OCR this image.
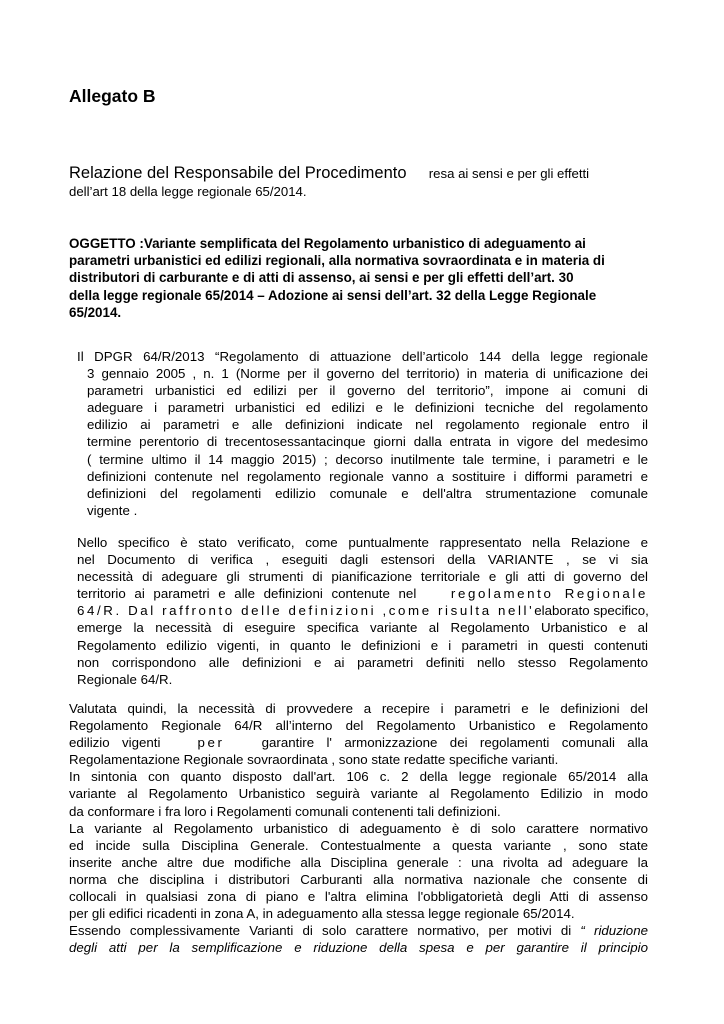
Allegato B
Relazione del Responsabile del Procedimento resa ai sensi e per gli effetti
dell’art 18 della legge regionale 65/2014.
OGGETTO :Variante semplificata del Regolamento urbanistico di adeguamento ai
parametri urbanistici ed edilizi regionali, alla normativa sovraordinata e in materia di
distributori di carburante e di atti di assenso, ai sensi e per gli effetti dell’art. 30
della legge regionale 65/2014 – Adozione ai sensi dell’art. 32 della Legge Regionale
65/2014.
Il DPGR 64/R/2013 “Regolamento di attuazione dell’articolo 144 della legge regionale
3 gennaio 2005 , n. 1 (Norme per il governo del territorio) in materia di unificazione dei
parametri urbanistici ed edilizi per il governo del territorio”, impone ai comuni di
adeguare i parametri urbanistici ed edilizi e le definizioni tecniche del regolamento
edilizio ai parametri e alle definizioni indicate nel regolamento regionale entro il
termine perentorio di trecentosessantacinque giorni dalla entrata in vigore del medesimo
( termine ultimo il 14 maggio 2015) ; decorso inutilmente tale termine, i parametri e le
definizioni contenute nel regolamento regionale vanno a sostituire i difformi parametri e
definizioni del regolamenti edilizio comunale e dell'altra strumentazione comunale
vigente .
Nello specifico è stato verificato, come puntualmente rappresentato nella Relazione e
nel Documento di verifica , eseguiti dagli estensori della VARIANTE , se vi sia
necessità di adeguare gli strumenti di pianificazione territoriale e gli atti di governo del
territorio ai parametri e alle definizioni contenute nel	regolamento Regionale
64/R. Dal raffronto delle definizioni ,come risulta nell'elaborato specifico,
emerge la necessità di eseguire specifica variante al Regolamento Urbanistico e al
Regolamento edilizio vigenti, in quanto le definizioni e i parametri in questi contenuti
non corrispondono alle definizioni e ai parametri definiti nello stesso Regolamento
Regionale 64/R.
Valutata quindi, la necessità di provvedere a recepire i parametri e le definizioni del
Regolamento Regionale 64/R all’interno del Regolamento Urbanistico e Regolamento
edilizio vigenti	per	garantire l' armonizzazione dei regolamenti comunali alla
Regolamentazione Regionale sovraordinata , sono state redatte specifiche varianti.
In sintonia con quanto disposto dall'art. 106 c. 2 della legge regionale 65/2014 alla
variante al Regolamento Urbanistico seguirà variante al Regolamento Edilizio in modo
da conformare i fra loro i Regolamenti comunali contenenti tali definizioni.
La variante al Regolamento urbanistico di adeguamento è di solo carattere normativo
ed incide sulla Disciplina Generale. Contestualmente a questa variante , sono state
inserite anche altre due modifiche alla Disciplina generale : una rivolta ad adeguare la
norma che disciplina i distributori Carburanti alla normativa nazionale che consente di
collocali in qualsiasi zona di piano e l'altra elimina l'obbligatorietà degli Atti di assenso
per gli edifici ricadenti in zona A, in adeguamento alla stessa legge regionale 65/2014.
Essendo complessivamente Varianti di solo carattere normativo, per motivi di “ riduzione
degli atti per la semplificazione e riduzione della spesa e per garantire il principio
